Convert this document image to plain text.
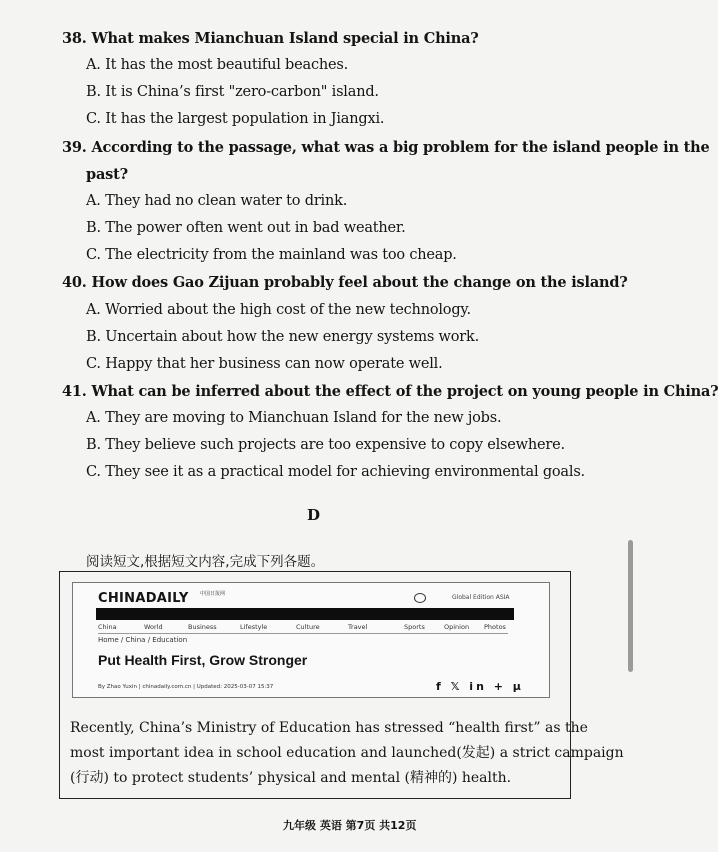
38. What makes Mianchuan Island special in China?
A. It has the most beautiful beaches.
B. It is China’s first "zero-carbon" island.
C. It has the largest population in Jiangxi.
39. According to the passage, what was a big problem for the island people in the
past?
A. They had no clean water to drink.
B. The power often went out in bad weather.
C. The electricity from the mainland was too cheap.
40. How does Gao Zijuan probably feel about the change on the island?
A. Worried about the high cost of the new technology.
B. Uncertain about how the new energy systems work.
C. Happy that her business can now operate well.
41. What can be inferred about the effect of the project on young people in China?
A. They are moving to Mianchuan Island for the new jobs.
B. They believe such projects are too expensive to copy elsewhere.
C. They see it as a practical model for achieving environmental goals.
D
阅读短文,根据短文内容,完成下列各题。
CHINADAILY 中国日报网	Global Edition ASIA
China	World	Business	Lifestyle	Culture	Travel	Sports	Opinion Photos
Home / China / Education
Put Health First, Grow Stronger
By Zhao Yuxin | chinadaily.com.cn | Updated: 2025-03-07 15:37	f 𝕏 in + μ
Recently, China’s Ministry of Education has stressed “health first” as the
most important idea in school education and launched(发起) a strict campaign
(行动) to protect students’ physical and mental (精神的) health.
九年级 英语 第7页 共12页
